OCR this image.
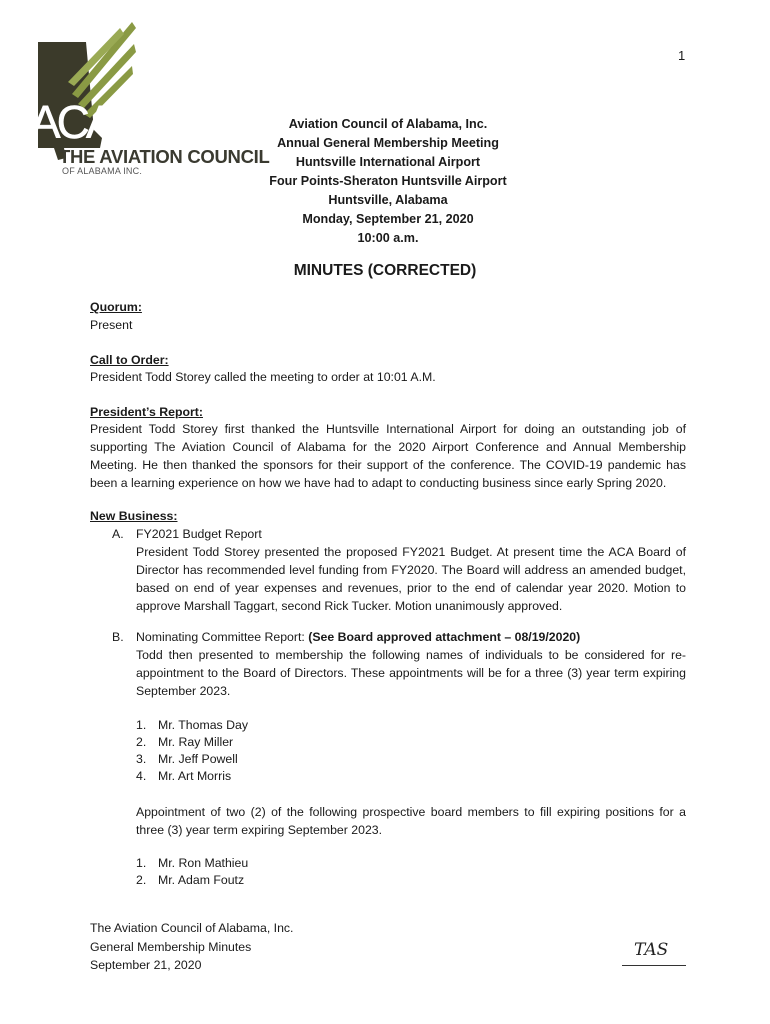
1
ACA
THE AVIATION COUNCIL
OF ALABAMA INC.
Aviation Council of Alabama, Inc.
Annual General Membership Meeting
Huntsville International Airport
Four Points-Sheraton Huntsville Airport
Huntsville, Alabama
Monday, September 21, 2020
10:00 a.m.
MINUTES (CORRECTED)
Quorum:
Present
Call to Order:
President Todd Storey called the meeting to order at 10:01 A.M.
President’s Report:
President Todd Storey first thanked the Huntsville International Airport for doing an outstanding job of supporting The Aviation Council of Alabama for the 2020 Airport Conference and Annual Membership Meeting. He then thanked the sponsors for their support of the conference. The COVID-19 pandemic has been a learning experience on how we have had to adapt to conducting business since early Spring 2020.
New Business:
A. FY2021 Budget Report
President Todd Storey presented the proposed FY2021 Budget. At present time the ACA Board of Director has recommended level funding from FY2020. The Board will address an amended budget, based on end of year expenses and revenues, prior to the end of calendar year 2020. Motion to approve Marshall Taggart, second Rick Tucker. Motion unanimously approved.
B. Nominating Committee Report: (See Board approved attachment – 08/19/2020)
Todd then presented to membership the following names of individuals to be considered for re-appointment to the Board of Directors. These appointments will be for a three (3) year term expiring September 2023.
1. Mr. Thomas Day
2. Mr. Ray Miller
3. Mr. Jeff Powell
4. Mr. Art Morris
Appointment of two (2) of the following prospective board members to fill expiring positions for a three (3) year term expiring September 2023.
1. Mr. Ron Mathieu
2. Mr. Adam Foutz
The Aviation Council of Alabama, Inc.
General Membership Minutes
September 21, 2020
TAS
